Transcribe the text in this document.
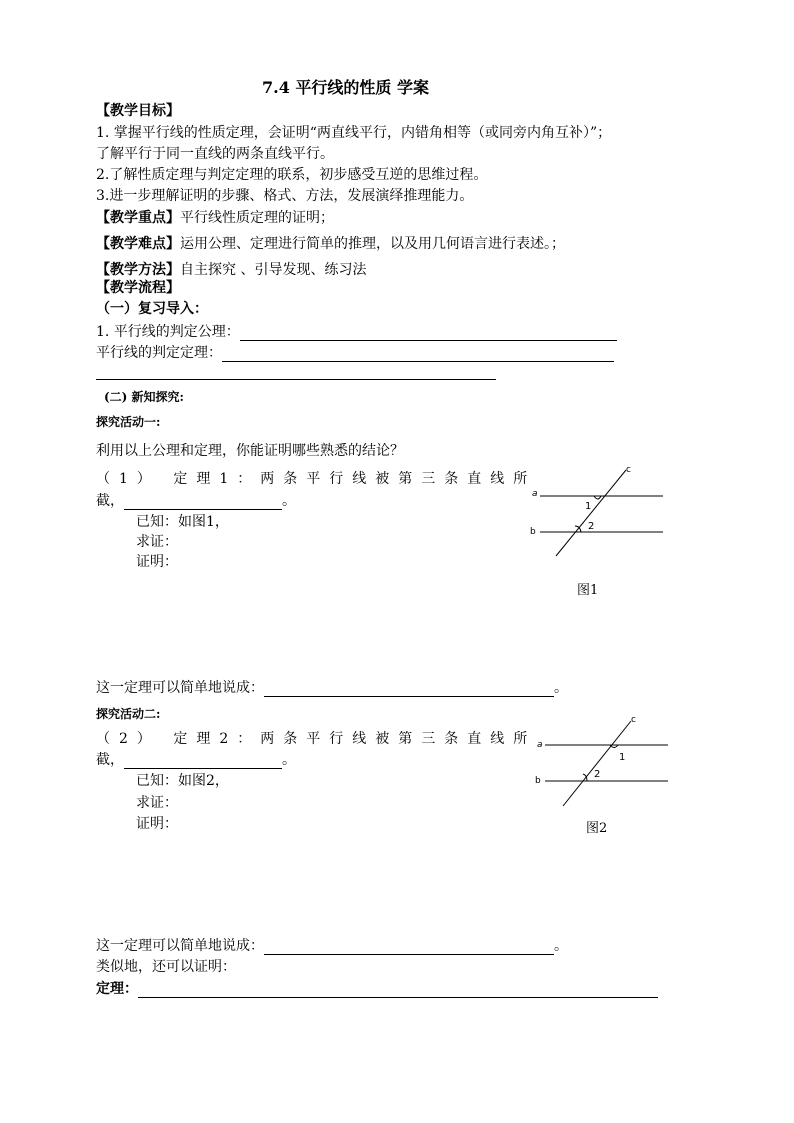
7.4 平行线的性质 学案
【教学目标】
1. 掌握平行线的性质定理，会证明“两直线平行，内错角相等（或同旁内角互补）”；
了解平行于同一直线的两条直线平行。
2.了解性质定理与判定定理的联系，初步感受互逆的思维过程。
3.进一步理解证明的步骤、格式、方法，发展演绎推理能力。
【教学重点】平行线性质定理的证明；
【教学难点】运用公理、定理进行简单的推理，以及用几何语言进行表述。；
【教学方法】自主探究 、引导发现、练习法
【教学流程】
（一）复习导入：
1. 平行线的判定公理：
平行线的判定定理：
(二) 新知探究:
探究活动一:
利用以上公理和定理，你能证明哪些熟悉的结论？
（1） 定理1：两条平行线被第三条直线所
截，	。
已知：如图1，
求证：
证明：
a
b
c
1
2
图1
这一定理可以简单地说成：	。
探究活动二:
（2） 定理2：两条平行线被第三条直线所
截，	。
已知：如图2，
求证：
证明：
a
b
c
1
2
图2
这一定理可以简单地说成：	。
类似地，还可以证明：
定理：
